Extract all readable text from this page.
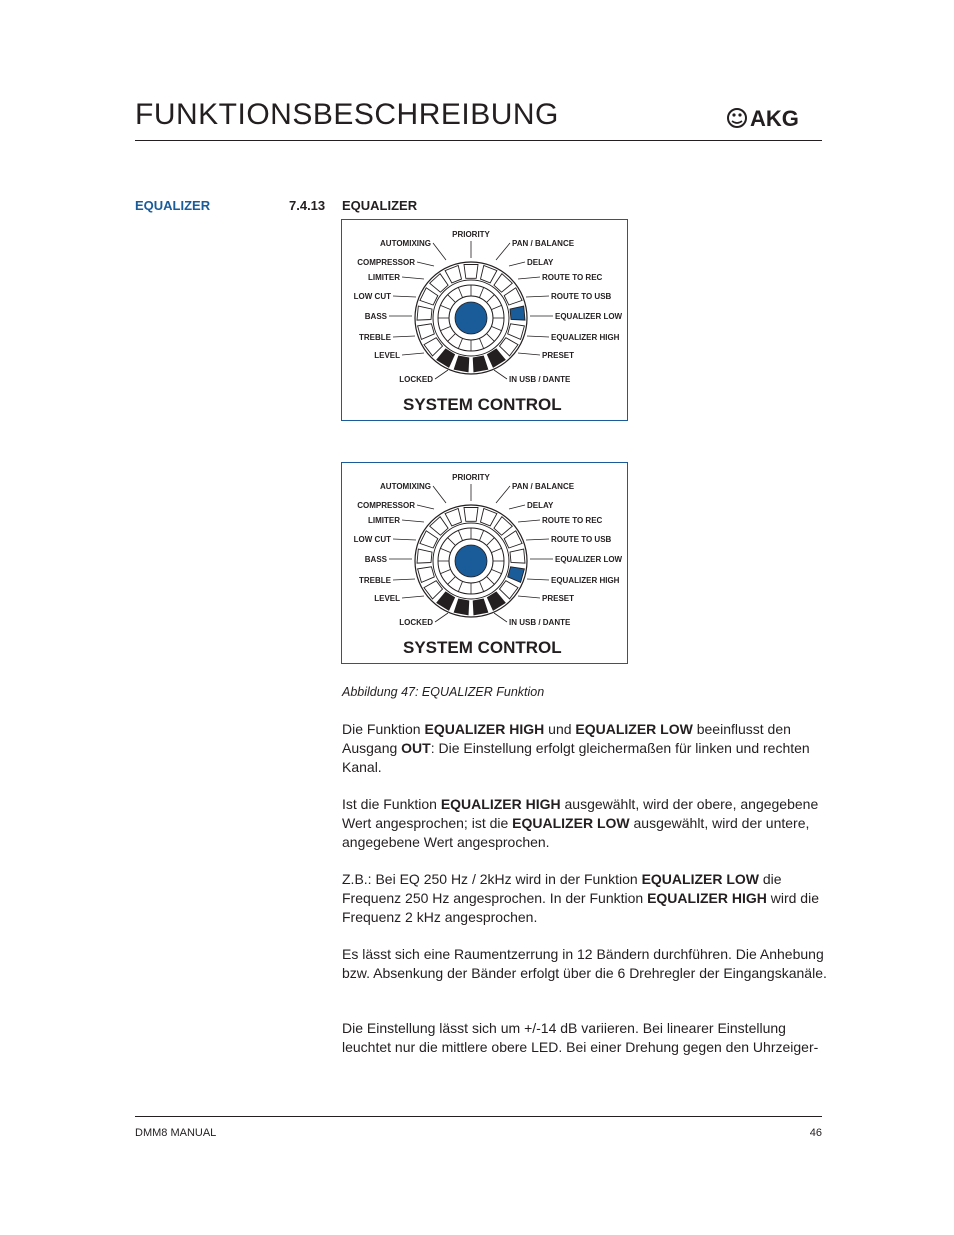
FUNKTIONSBESCHREIBUNG	AKG
EQUALIZER	7.4.13 EQUALIZER
PRIORITY
AUTOMIXING	PAN / BALANCE
COMPRESSOR	DELAY
LIMITER	ROUTE TO REC
LOW CUT	ROUTE TO USB
BASS	EQUALIZER LOW
TREBLE	EQUALIZER HIGH
LEVEL	PRESET
LOCKED	IN USB / DANTE
SYSTEM CONTROL
PRIORITY
AUTOMIXING	PAN / BALANCE
COMPRESSOR	DELAY
LIMITER	ROUTE TO REC
LOW CUT	ROUTE TO USB
BASS	EQUALIZER LOW
TREBLE	EQUALIZER HIGH
LEVEL	PRESET
LOCKED	IN USB / DANTE
SYSTEM CONTROL
Abbildung 47: EQUALIZER Funktion
Die Funktion EQUALIZER HIGH und EQUALIZER LOW beeinflusst den Ausgang OUT: Die Einstellung erfolgt gleichermaßen für linken und rechten Kanal.
Ist die Funktion EQUALIZER HIGH ausgewählt, wird der obere, angegebene Wert angesprochen; ist die EQUALIZER LOW ausgewählt, wird der untere, angegebene Wert angesprochen.
Z.B.: Bei EQ 250 Hz / 2kHz wird in der Funktion EQUALIZER LOW die Frequenz 250 Hz angesprochen. In der Funktion EQUALIZER HIGH wird die Frequenz 2 kHz angesprochen.
Es lässt sich eine Raumentzerrung in 12 Bändern durchführen. Die Anhebung bzw. Absenkung der Bänder erfolgt über die 6 Drehregler der Eingangskanäle.
Die Einstellung lässt sich um +/-14 dB variieren. Bei linearer Einstellung leuchtet nur die mittlere obere LED. Bei einer Drehung gegen den Uhrzeiger-
DMM8 MANUAL	46
